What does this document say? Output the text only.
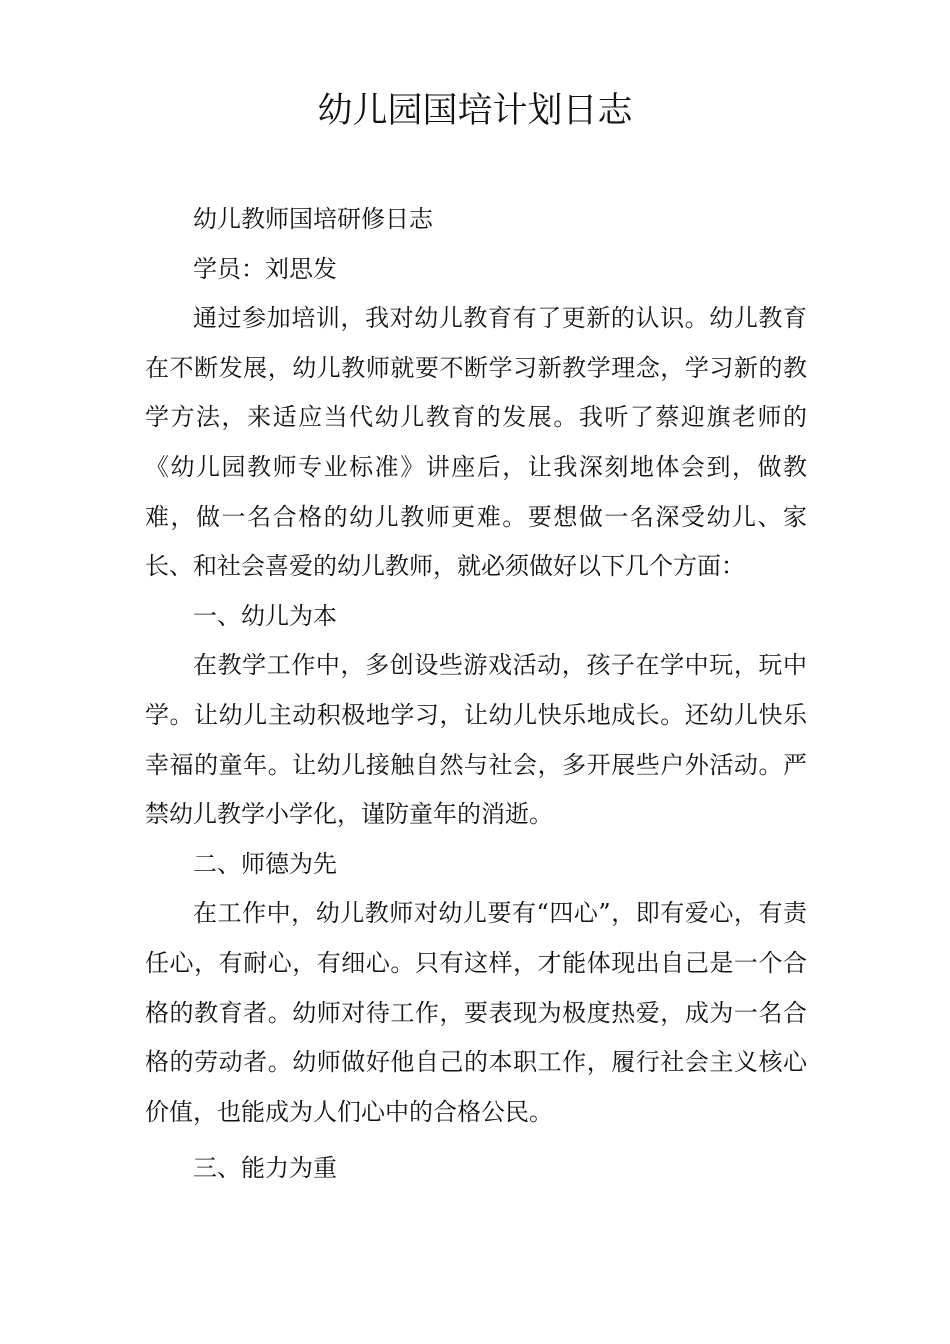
幼儿园国培计划日志

幼儿教师国培研修日志

学员：刘思发

通过参加培训，我对幼儿教育有了更新的认识。幼儿教育在不断发展，幼儿教师就要不断学习新教学理念，学习新的教学方法，来适应当代幼儿教育的发展。我听了蔡迎旗老师的《幼儿园教师专业标准》讲座后，让我深刻地体会到，做教难，做一名合格的幼儿教师更难。要想做一名深受幼儿、家长、和社会喜爱的幼儿教师，就必须做好以下几个方面：

一、幼儿为本

在教学工作中，多创设些游戏活动，孩子在学中玩，玩中学。让幼儿主动积极地学习，让幼儿快乐地成长。还幼儿快乐幸福的童年。让幼儿接触自然与社会，多开展些户外活动。严禁幼儿教学小学化，谨防童年的消逝。

二、师德为先

在工作中，幼儿教师对幼儿要有“四心”，即有爱心，有责任心，有耐心，有细心。只有这样，才能体现出自己是一个合格的教育者。幼师对待工作，要表现为极度热爱，成为一名合格的劳动者。幼师做好他自己的本职工作，履行社会主义核心价值，也能成为人们心中的合格公民。

三、能力为重
